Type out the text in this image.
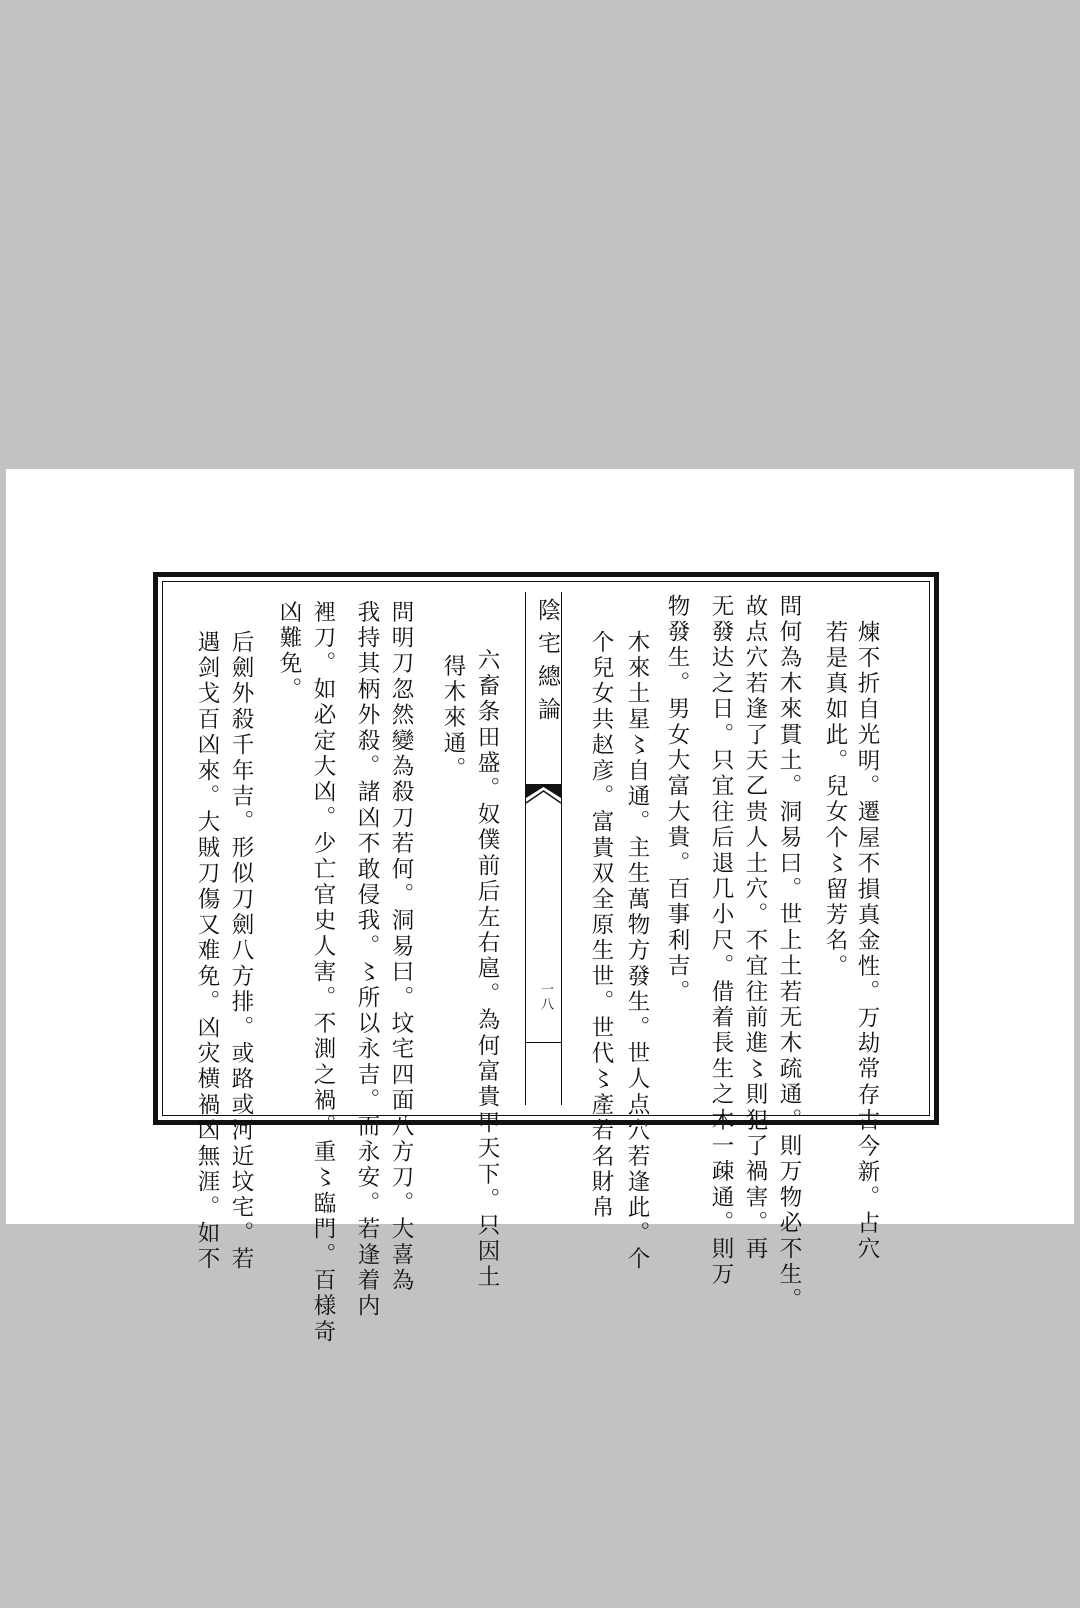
煉不折自光明。遷屋不損真金性。万劫常存古今新。占穴
若是真如此。兒女个〻留芳名。
問何為木來貫土。洞易曰。世上土若无木疏通。則万物必不生。
故点穴若逢了天乙贵人土穴。不宜往前進〻則犯了禍害。再
无發达之日。只宜往后退几小尺。借着長生之木一疎通。則万
物發生。男女大富大貴。百事利吉。
木來土星〻自通。主生萬物方發生。世人点穴若逢此。个
个兒女共赵彦。富貴双全原生世。世代〻產若名財帛
陰宅總論
一八
六畜条田盛。奴僕前后左右扈。為何富貴甲天下。只因土
得木來通。
問明刀忽然變為殺刀若何。洞易曰。坟宅四面八方刀。大喜為
我持其柄外殺。諸凶不敢侵我。〻所以永吉。而永安。若逢着内
裡刀。如必定大凶。少亡官史人害。不測之禍。重〻臨門。百様奇
凶難免。
后劍外殺千年吉。形似刀劍八方排。或路或河近坟宅。若
遇剑戈百凶來。大賊刀傷又难免。凶灾横禍凶無涯。如不
